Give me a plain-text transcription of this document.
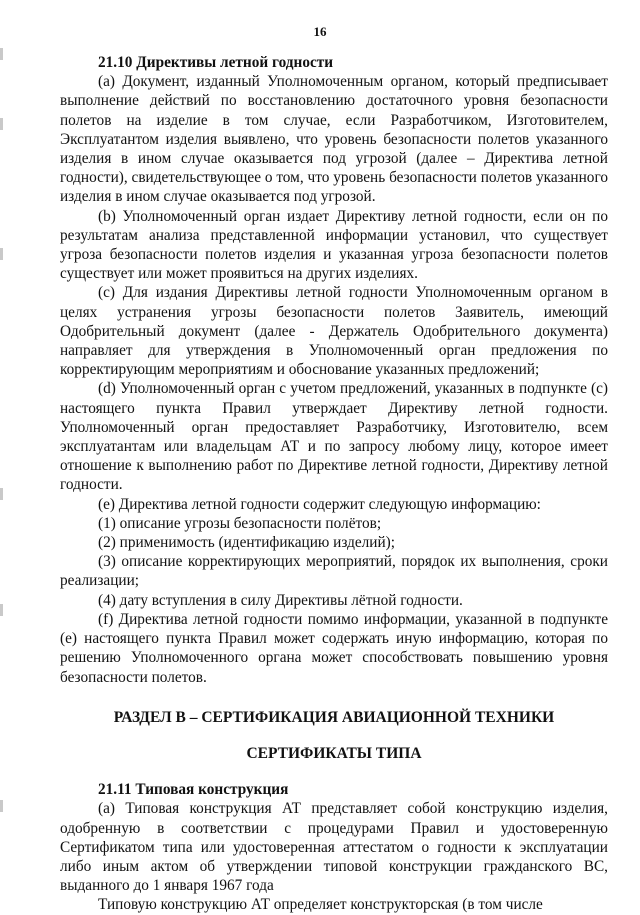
16
21.10 Директивы летной годности

(a) Документ, изданный Уполномоченным органом, который предписывает выполнение действий по восстановлению достаточного уровня безопасности полетов на изделие в том случае, если Разработчиком, Изготовителем, Эксплуатантом изделия выявлено, что уровень безопасности полетов указанного изделия в ином случае оказывается под угрозой (далее – Директива летной годности), свидетельствующее о том, что уровень безопасности полетов указанного изделия в ином случае оказывается под угрозой.

(b) Уполномоченный орган издает Директиву летной годности, если он по результатам анализа представленной информации установил, что существует угроза безопасности полетов изделия и указанная угроза безопасности полетов существует или может проявиться на других изделиях.

(c) Для издания Директивы летной годности Уполномоченным органом в целях устранения угрозы безопасности полетов Заявитель, имеющий Одобрительный документ (далее - Держатель Одобрительного документа) направляет для утверждения в Уполномоченный орган предложения по корректирующим мероприятиям и обоснование указанных предложений;

(d) Уполномоченный орган с учетом предложений, указанных в подпункте (c) настоящего пункта Правил утверждает Директиву летной годности. Уполномоченный орган предоставляет Разработчику, Изготовителю, всем эксплуатантам или владельцам АТ и по запросу любому лицу, которое имеет отношение к выполнению работ по Директиве летной годности, Директиву летной годности.

(e) Директива летной годности содержит следующую информацию:

(1) описание угрозы безопасности полётов;

(2) применимость (идентификацию изделий);

(3) описание корректирующих мероприятий, порядок их выполнения, сроки реализации;

(4) дату вступления в силу Директивы лётной годности.

(f) Директива летной годности помимо информации, указанной в подпункте (e) настоящего пункта Правил может содержать иную информацию, которая по решению Уполномоченного органа может способствовать повышению уровня безопасности полетов.

РАЗДЕЛ B – СЕРТИФИКАЦИЯ АВИАЦИОННОЙ ТЕХНИКИ
СЕРТИФИКАТЫ ТИПА
21.11 Типовая конструкция

(a) Типовая конструкция АТ представляет собой конструкцию изделия, одобренную в соответствии с процедурами Правил и удостоверенную Сертификатом типа или удостоверенная аттестатом о годности к эксплуатации либо иным актом об утверждении типовой конструкции гражданского ВС, выданного до 1 января 1967 года

Типовую конструкцию АТ определяет конструкторская (в том числе
